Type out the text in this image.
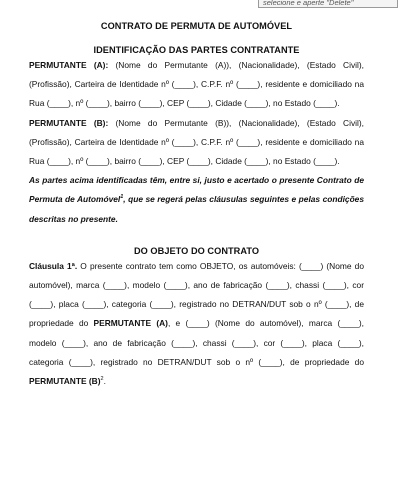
selecione e aperte "Delete"
CONTRATO DE PERMUTA DE AUTOMÓVEL
IDENTIFICAÇÃO DAS PARTES CONTRATANTE

PERMUTANTE (A): (Nome do Permutante (A)), (Nacionalidade), (Estado Civil), (Profissão), Carteira de Identidade nº (____), C.P.F. nº (____), residente e domiciliado na Rua (____), nº (____), bairro (____), CEP (____), Cidade (____), no Estado (____).

PERMUTANTE (B): (Nome do Permutante (B)), (Nacionalidade), (Estado Civil), (Profissão), Carteira de Identidade nº (____), C.P.F. nº (____), residente e domiciliado na Rua (____), nº (____), bairro (____), CEP (____), Cidade (____), no Estado (____).

As partes acima identificadas têm, entre si, justo e acertado o presente Contrato de Permuta de Automóvel$^1$, que se regerá pelas cláusulas seguintes e pelas condições descritas no presente.

DO OBJETO DO CONTRATO

Cláusula 1ª. O presente contrato tem como OBJETO, os automóveis: (____) (Nome do automóvel), marca (____), modelo (____), ano de fabricação (____), chassi (____), cor (____), placa (____), categoria (____), registrado no DETRAN/DUT sob o nº (____), de propriedade do PERMUTANTE (A), e (____) (Nome do automóvel), marca (____), modelo (____), ano de fabricação (____), chassi (____), cor (____), placa (____), categoria (____), registrado no DETRAN/DUT sob o nº (____), de propriedade do PERMUTANTE $(B)^2$.
